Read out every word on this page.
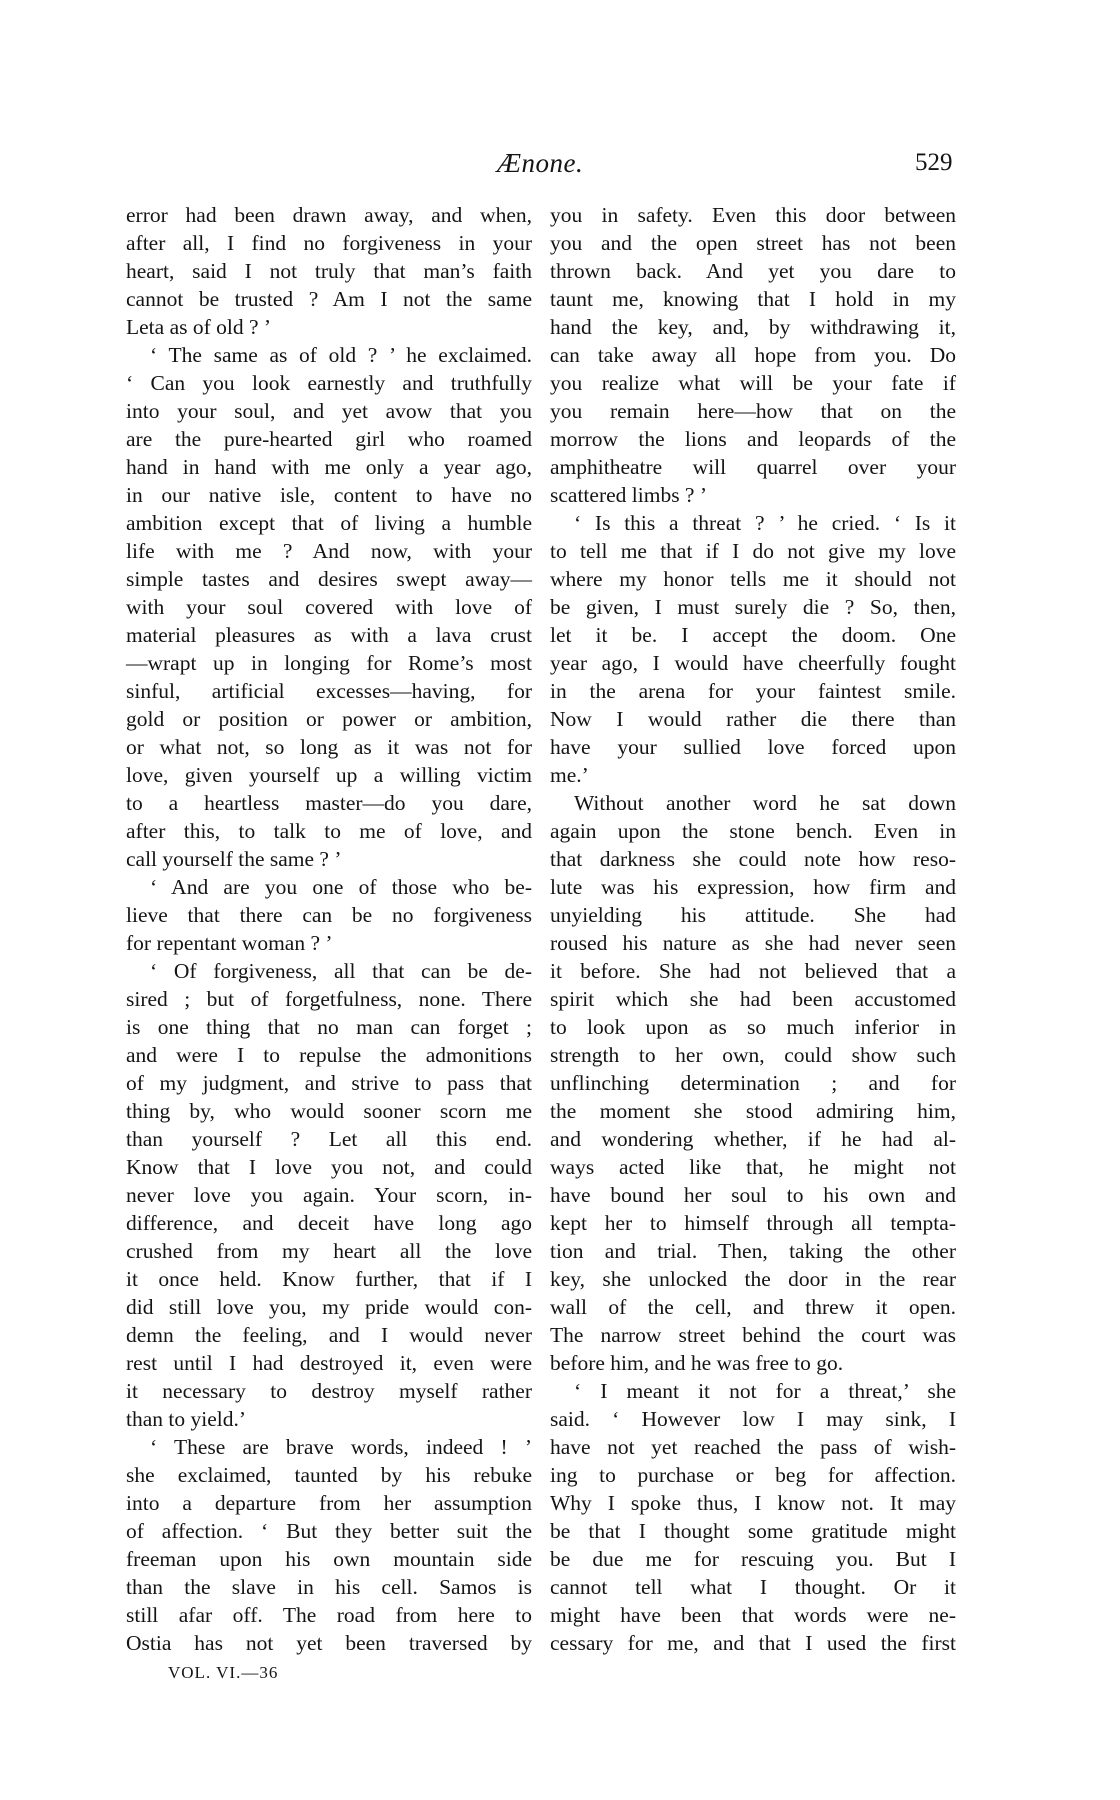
Ænone.	529
error had been drawn away, and when,
after all, I find no forgiveness in your
heart, said I not truly that man’s faith
cannot be trusted ? Am I not the same
Leta as of old ? ’
‘ The same as of old ? ’ he exclaimed.
‘ Can you look earnestly and truthfully
into your soul, and yet avow that you
are the pure-hearted girl who roamed
hand in hand with me only a year ago,
in our native isle, content to have no
ambition except that of living a humble
life with me ? And now, with your
simple tastes and desires swept away—
with your soul covered with love of
material pleasures as with a lava crust
—wrapt up in longing for Rome’s most
sinful, artificial excesses—having, for
gold or position or power or ambition,
or what not, so long as it was not for
love, given yourself up a willing victim
to a heartless master—do you dare,
after this, to talk to me of love, and
call yourself the same ? ’
‘ And are you one of those who be-
lieve that there can be no forgiveness
for repentant woman ? ’
‘ Of forgiveness, all that can be de-
sired ; but of forgetfulness, none. There
is one thing that no man can forget ;
and were I to repulse the admonitions
of my judgment, and strive to pass that
thing by, who would sooner scorn me
than yourself ? Let all this end.
Know that I love you not, and could
never love you again. Your scorn, in-
difference, and deceit have long ago
crushed from my heart all the love
it once held. Know further, that if I
did still love you, my pride would con-
demn the feeling, and I would never
rest until I had destroyed it, even were
it necessary to destroy myself rather
than to yield.’
‘ These are brave words, indeed ! ’
she exclaimed, taunted by his rebuke
into a departure from her assumption
of affection. ‘ But they better suit the
freeman upon his own mountain side
than the slave in his cell. Samos is
still afar off. The road from here to
Ostia has not yet been traversed by
you in safety. Even this door between
you and the open street has not been
thrown back. And yet you dare to
taunt me, knowing that I hold in my
hand the key, and, by withdrawing it,
can take away all hope from you. Do
you realize what will be your fate if
you remain here—how that on the
morrow the lions and leopards of the
amphitheatre will quarrel over your
scattered limbs ? ’
‘ Is this a threat ? ’ he cried. ‘ Is it
to tell me that if I do not give my love
where my honor tells me it should not
be given, I must surely die ? So, then,
let it be. I accept the doom. One
year ago, I would have cheerfully fought
in the arena for your faintest smile.
Now I would rather die there than
have your sullied love forced upon
me.’
Without another word he sat down
again upon the stone bench. Even in
that darkness she could note how reso-
lute was his expression, how firm and
unyielding his attitude. She had
roused his nature as she had never seen
it before. She had not believed that a
spirit which she had been accustomed
to look upon as so much inferior in
strength to her own, could show such
unflinching determination ; and for
the moment she stood admiring him,
and wondering whether, if he had al-
ways acted like that, he might not
have bound her soul to his own and
kept her to himself through all tempta-
tion and trial. Then, taking the other
key, she unlocked the door in the rear
wall of the cell, and threw it open.
The narrow street behind the court was
before him, and he was free to go.
‘ I meant it not for a threat,’ she
said. ‘ However low I may sink, I
have not yet reached the pass of wish-
ing to purchase or beg for affection.
Why I spoke thus, I know not. It may
be that I thought some gratitude might
be due me for rescuing you. But I
cannot tell what I thought. Or it
might have been that words were ne-
cessary for me, and that I used the first
VOL. VI.—36
